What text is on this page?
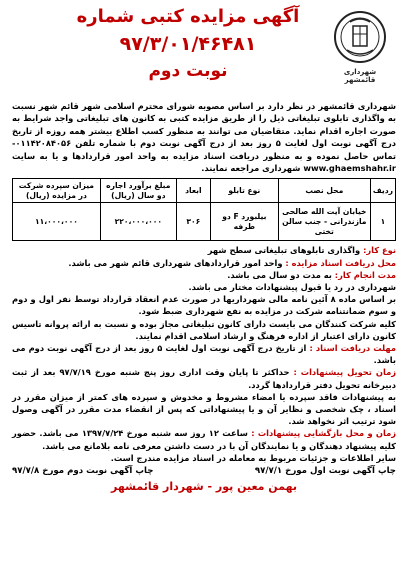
شهرداری قائمشهر
آگهی مزایده کتبی شماره
۹۷/۳/۰۱/۴۶۴۸۱
نوبت دوم

شهرداری قائمشهر در نظر دارد بر اساس مصوبه شورای محترم اسلامی شهر قائم شهر نسبت به واگذاری تابلوی تبلیغاتی ذیل را از طریق مزایده کتبی به کانون های تبلیغاتی واجد شرایط به صورت اجاره اقدام نماید. متقاضیان می توانند به منظور کسب اطلاع بیشتر همه روزه از تاریخ درج آگهی نوبت اول لغایت ۵ روز بعد از درج آگهی نوبت دوم با شماره تلفن ۰۱۱۴۲۰۸۴۰۵۶- تماس حاصل نموده و به منظور دریافت اسناد مزایده به واحد امور قراردادها و یا به سایت www.ghaemshahr.ir شهرداری مراجعه نمایند.

ردیف	محل نصب	نوع تابلو	ابعاد	مبلغ برآورد اجاره دو سال (ریال)	میزان سپرده شرکت در مزایده (ریال)
۱	خیابان آیت الله صالحی مازندرانی - جنب سالن تختی	بیلبورد F دو طرفه	۳۰۶	۲۲۰،۰۰۰،۰۰۰	۱۱،۰۰۰،۰۰۰

نوع کار: واگذاری تابلوهای تبلیغاتی سطح شهر

محل دریافت اسناد مزایده : واحد امور قراردادهای شهرداری قائم شهر می باشد.

مدت انجام کار: به مدت دو سال می باشد.

شهرداری در رد یا قبول پیشنهادات مختار می باشد.

بر اساس ماده ۸ آئین نامه مالی شهرداریها در صورت عدم انعقاد قرارداد توسط نفر اول و دوم و سوم ضمانتنامه شرکت در مزایده به نفع شهرداری ضبط شود.

کلیه شرکت کنندگان می بایست دارای کانون تبلیغاتی مجاز بوده و نسبت به ارائه پروانه تاسیس کانون دارای اعتبار از اداره فرهنگ و ارشاد اسلامی اقدام نمایند.

مهلت دریافت اسناد : از تاریخ درج آگهی نوبت اول لغایت ۵ روز بعد از درج آگهی نوبت دوم می باشد.

زمان تحویل پیشنهادات : حداکثر تا پایان وقت اداری روز پنج شنبه مورخ ۹۷/۷/۱۹ بعد از ثبت دبیرخانه تحویل دفتر قراردادها گردد.

به پیشنهادات فاقد سپرده یا امضاء مشروط و مخدوش و سپرده های کمتر از میزان مقرر در اسناد ، چک شخصی و نظایر آن و یا پیشنهاداتی که پس از انقضاء مدت مقرر در آگهی وصول شود ترتیب اثر نخواهد شد.

زمان و محل بازگشایی پیشنهادات : ساعت ۱۲ روز سه شنبه مورخ ۱۳۹۷/۷/۲۴ می باشد. حضور کلیه پیشنهاد دهندگان و یا نمایندگان آن با در دست داشتن معرفی نامه بلامانع می باشد.

سایر اطلاعات و جزئیات مربوط به معامله در اسناد مزایده مندرج است.

چاپ آگهی نوبت اول مورخ ۹۷/۷/۱
چاپ آگهی نوبت دوم مورخ ۹۷/۷/۸
بهمن معین پور - شهردار قائمشهر
